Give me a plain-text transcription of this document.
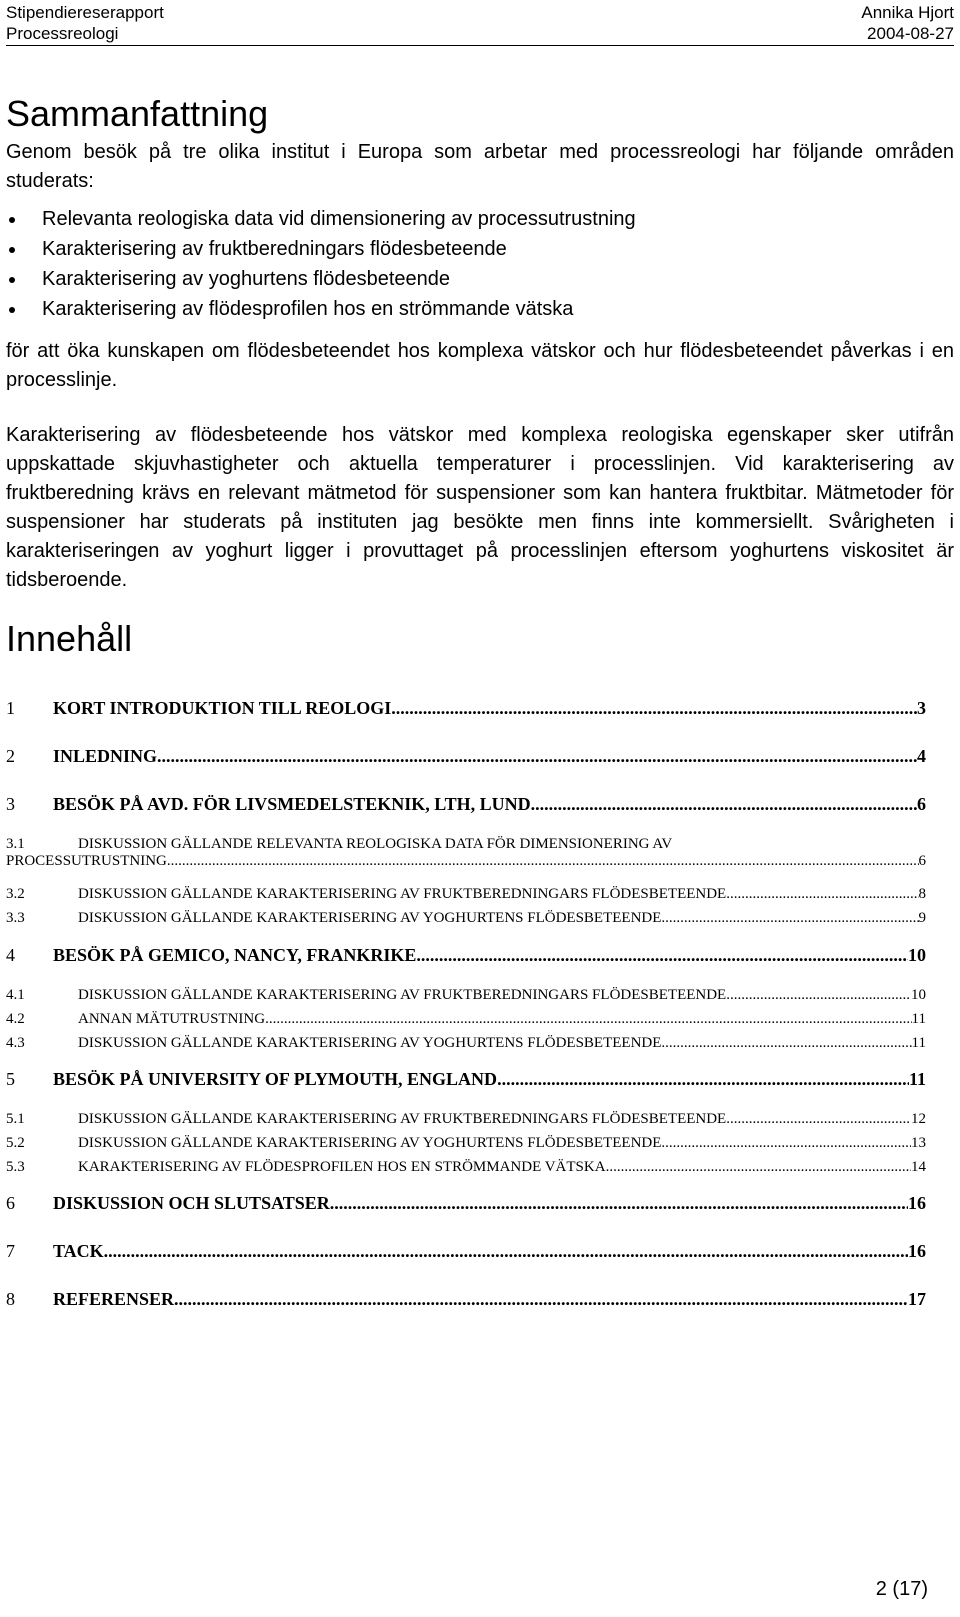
Stipendiereserapport	Annika Hjort
Processreologi	2004-08-27
Sammanfattning

Genom besök på tre olika institut i Europa som arbetar med processreologi har följande områden studerats:

Relevanta reologiska data vid dimensionering av processutrustning
Karakterisering av fruktberedningars flödesbeteende
Karakterisering av yoghurtens flödesbeteende
Karakterisering av flödesprofilen hos en strömmande vätska

för att öka kunskapen om flödesbeteendet hos komplexa vätskor och hur flödesbeteendet påverkas i en processlinje.

Karakterisering av flödesbeteende hos vätskor med komplexa reologiska egenskaper sker utifrån uppskattade skjuvhastigheter och aktuella temperaturer i processlinjen. Vid karakterisering av fruktberedning krävs en relevant mätmetod för suspensioner som kan hantera fruktbitar. Mätmetoder för suspensioner har studerats på instituten jag besökte men finns inte kommersiellt. Svårigheten i karakteriseringen av yoghurt ligger i provuttaget på processlinjen eftersom yoghurtens viskositet är tidsberoende.

Innehåll
1	KORT INTRODUKTION TILL REOLOGI .....	3
2	INLEDNING .....	4
3	BESÖK PÅ AVD. FÖR LIVSMEDELSTEKNIK, LTH, LUND .....	6
3.1	DISKUSSION GÄLLANDE RELEVANTA REOLOGISKA DATA FÖR DIMENSIONERING AV
PROCESSUTRUSTNING .....	6
3.2	DISKUSSION GÄLLANDE KARAKTERISERING AV FRUKTBEREDNINGARS FLÖDESBETEENDE .....	8
3.3	DISKUSSION GÄLLANDE KARAKTERISERING AV YOGHURTENS FLÖDESBETEENDE .....	9
4	BESÖK PÅ GEMICO, NANCY, FRANKRIKE .....	10
4.1	DISKUSSION GÄLLANDE KARAKTERISERING AV FRUKTBEREDNINGARS FLÖDESBETEENDE .....	10
4.2	ANNAN MÄTUTRUSTNING .....	11
4.3	DISKUSSION GÄLLANDE KARAKTERISERING AV YOGHURTENS FLÖDESBETEENDE .....	11
5	BESÖK PÅ UNIVERSITY OF PLYMOUTH, ENGLAND .....	11
5.1	DISKUSSION GÄLLANDE KARAKTERISERING AV FRUKTBEREDNINGARS FLÖDESBETEENDE .....	12
5.2	DISKUSSION GÄLLANDE KARAKTERISERING AV YOGHURTENS FLÖDESBETEENDE .....	13
5.3	KARAKTERISERING AV FLÖDESPROFILEN HOS EN STRÖMMANDE VÄTSKA .....	14
6	DISKUSSION OCH SLUTSATSER .....	16
7	TACK .....	16
8	REFERENSER .....	17
2 (17)
